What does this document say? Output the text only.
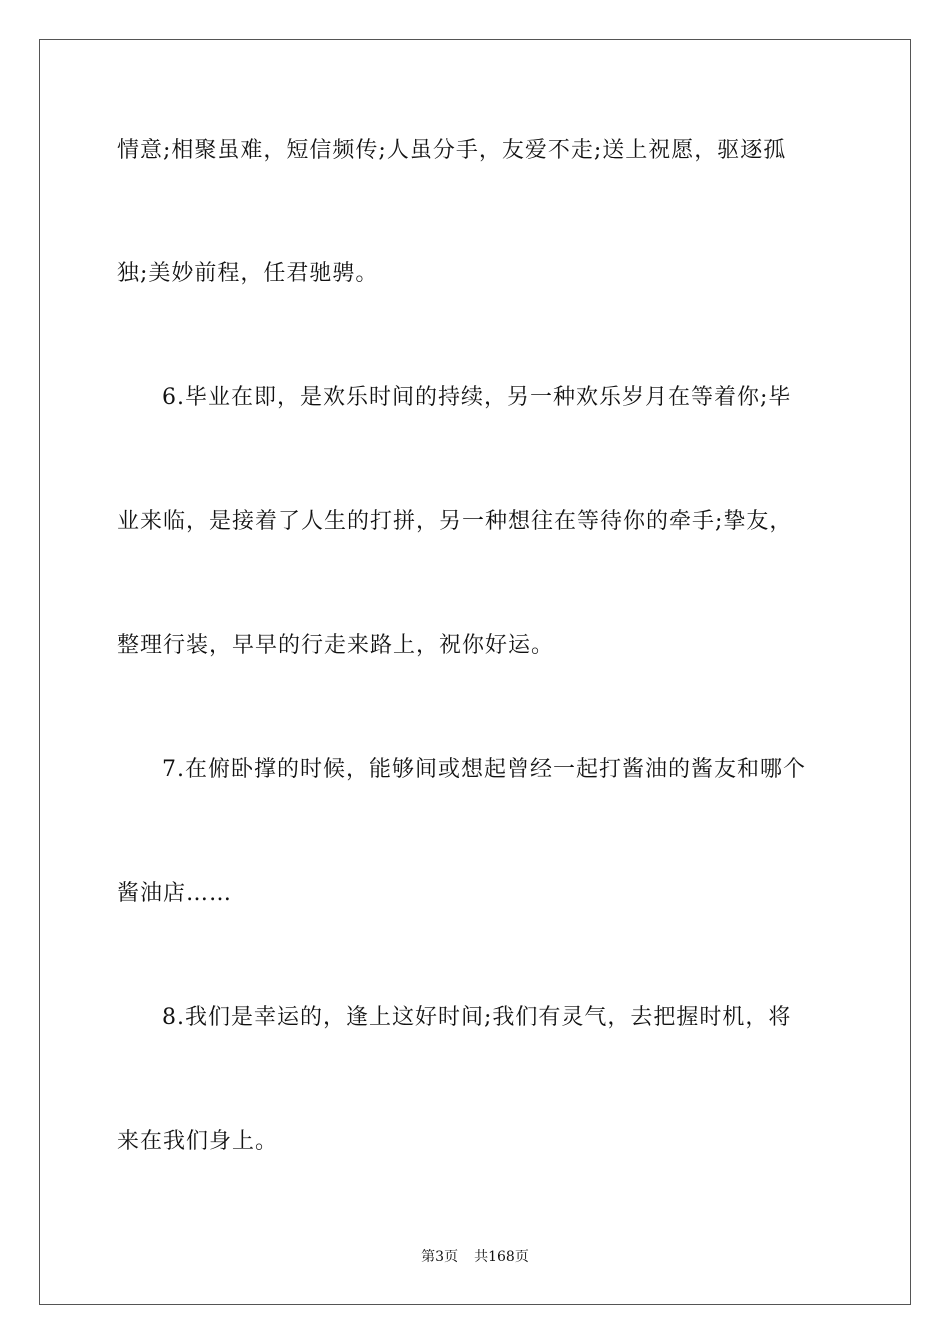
情意;相聚虽难，短信频传;人虽分手，友爱不走;送上祝愿，驱逐孤
独;美妙前程，任君驰骋。
6.毕业在即，是欢乐时间的持续，另一种欢乐岁月在等着你;毕
业来临，是接着了人生的打拼，另一种想往在等待你的牵手;挚友，
整理行装，早早的行走来路上，祝你好运。
7.在俯卧撑的时候，能够间或想起曾经一起打酱油的酱友和哪个
酱油店……
8.我们是幸运的，逢上这好时间;我们有灵气，去把握时机，将
来在我们身上。
第3页 共168页
